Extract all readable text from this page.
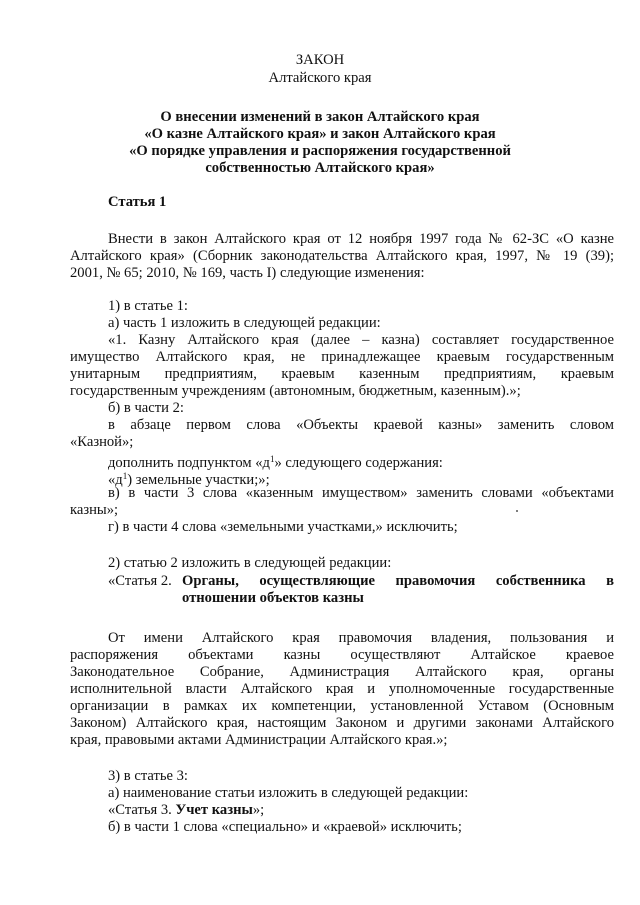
ЗАКОН
Алтайского края
О внесении изменений в закон Алтайского края
«О казне Алтайского края» и закон Алтайского края
«О порядке управления и распоряжения государственной
собственностью Алтайского края»
Статья 1
Внести в закон Алтайского края от 12 ноября 1997 года № 62-ЗС «О казне
Алтайского края» (Сборник законодательства Алтайского края, 1997, № 19 (39);
2001, № 65; 2010, № 169, часть I) следующие изменения:
1) в статье 1:
а) часть 1 изложить в следующей редакции:
«1. Казну Алтайского края (далее – казна) составляет государственное
имущество Алтайского края, не принадлежащее краевым государственным
унитарным предприятиям, краевым казенным предприятиям, краевым
государственным учреждениям (автономным, бюджетным, казенным).»;
б) в части 2:
в абзаце первом слова «Объекты краевой казны» заменить словом
«Казной»;
дополнить подпунктом «$д^1$» следующего содержания:
«$д^1$) земельные участки;»;
в) в части 3 слова «казенным имуществом» заменить словами «объектами
казны»;
г) в части 4 слова «земельными участками,» исключить;
2) статью 2 изложить в следующей редакции:
«Статья 2. Органы, осуществляющие правомочия собственника в
отношении объектов казны
От имени Алтайского края правомочия владения, пользования и
распоряжения объектами казны осуществляют Алтайское краевое
Законодательное Собрание, Администрация Алтайского края, органы
исполнительной власти Алтайского края и уполномоченные государственные
организации в рамках их компетенции, установленной Уставом (Основным
Законом) Алтайского края, настоящим Законом и другими законами Алтайского
края, правовыми актами Администрации Алтайского края.»;
3) в статье 3:
а) наименование статьи изложить в следующей редакции:
«Статья 3. Учет казны»;
б) в части 1 слова «специально» и «краевой» исключить;
